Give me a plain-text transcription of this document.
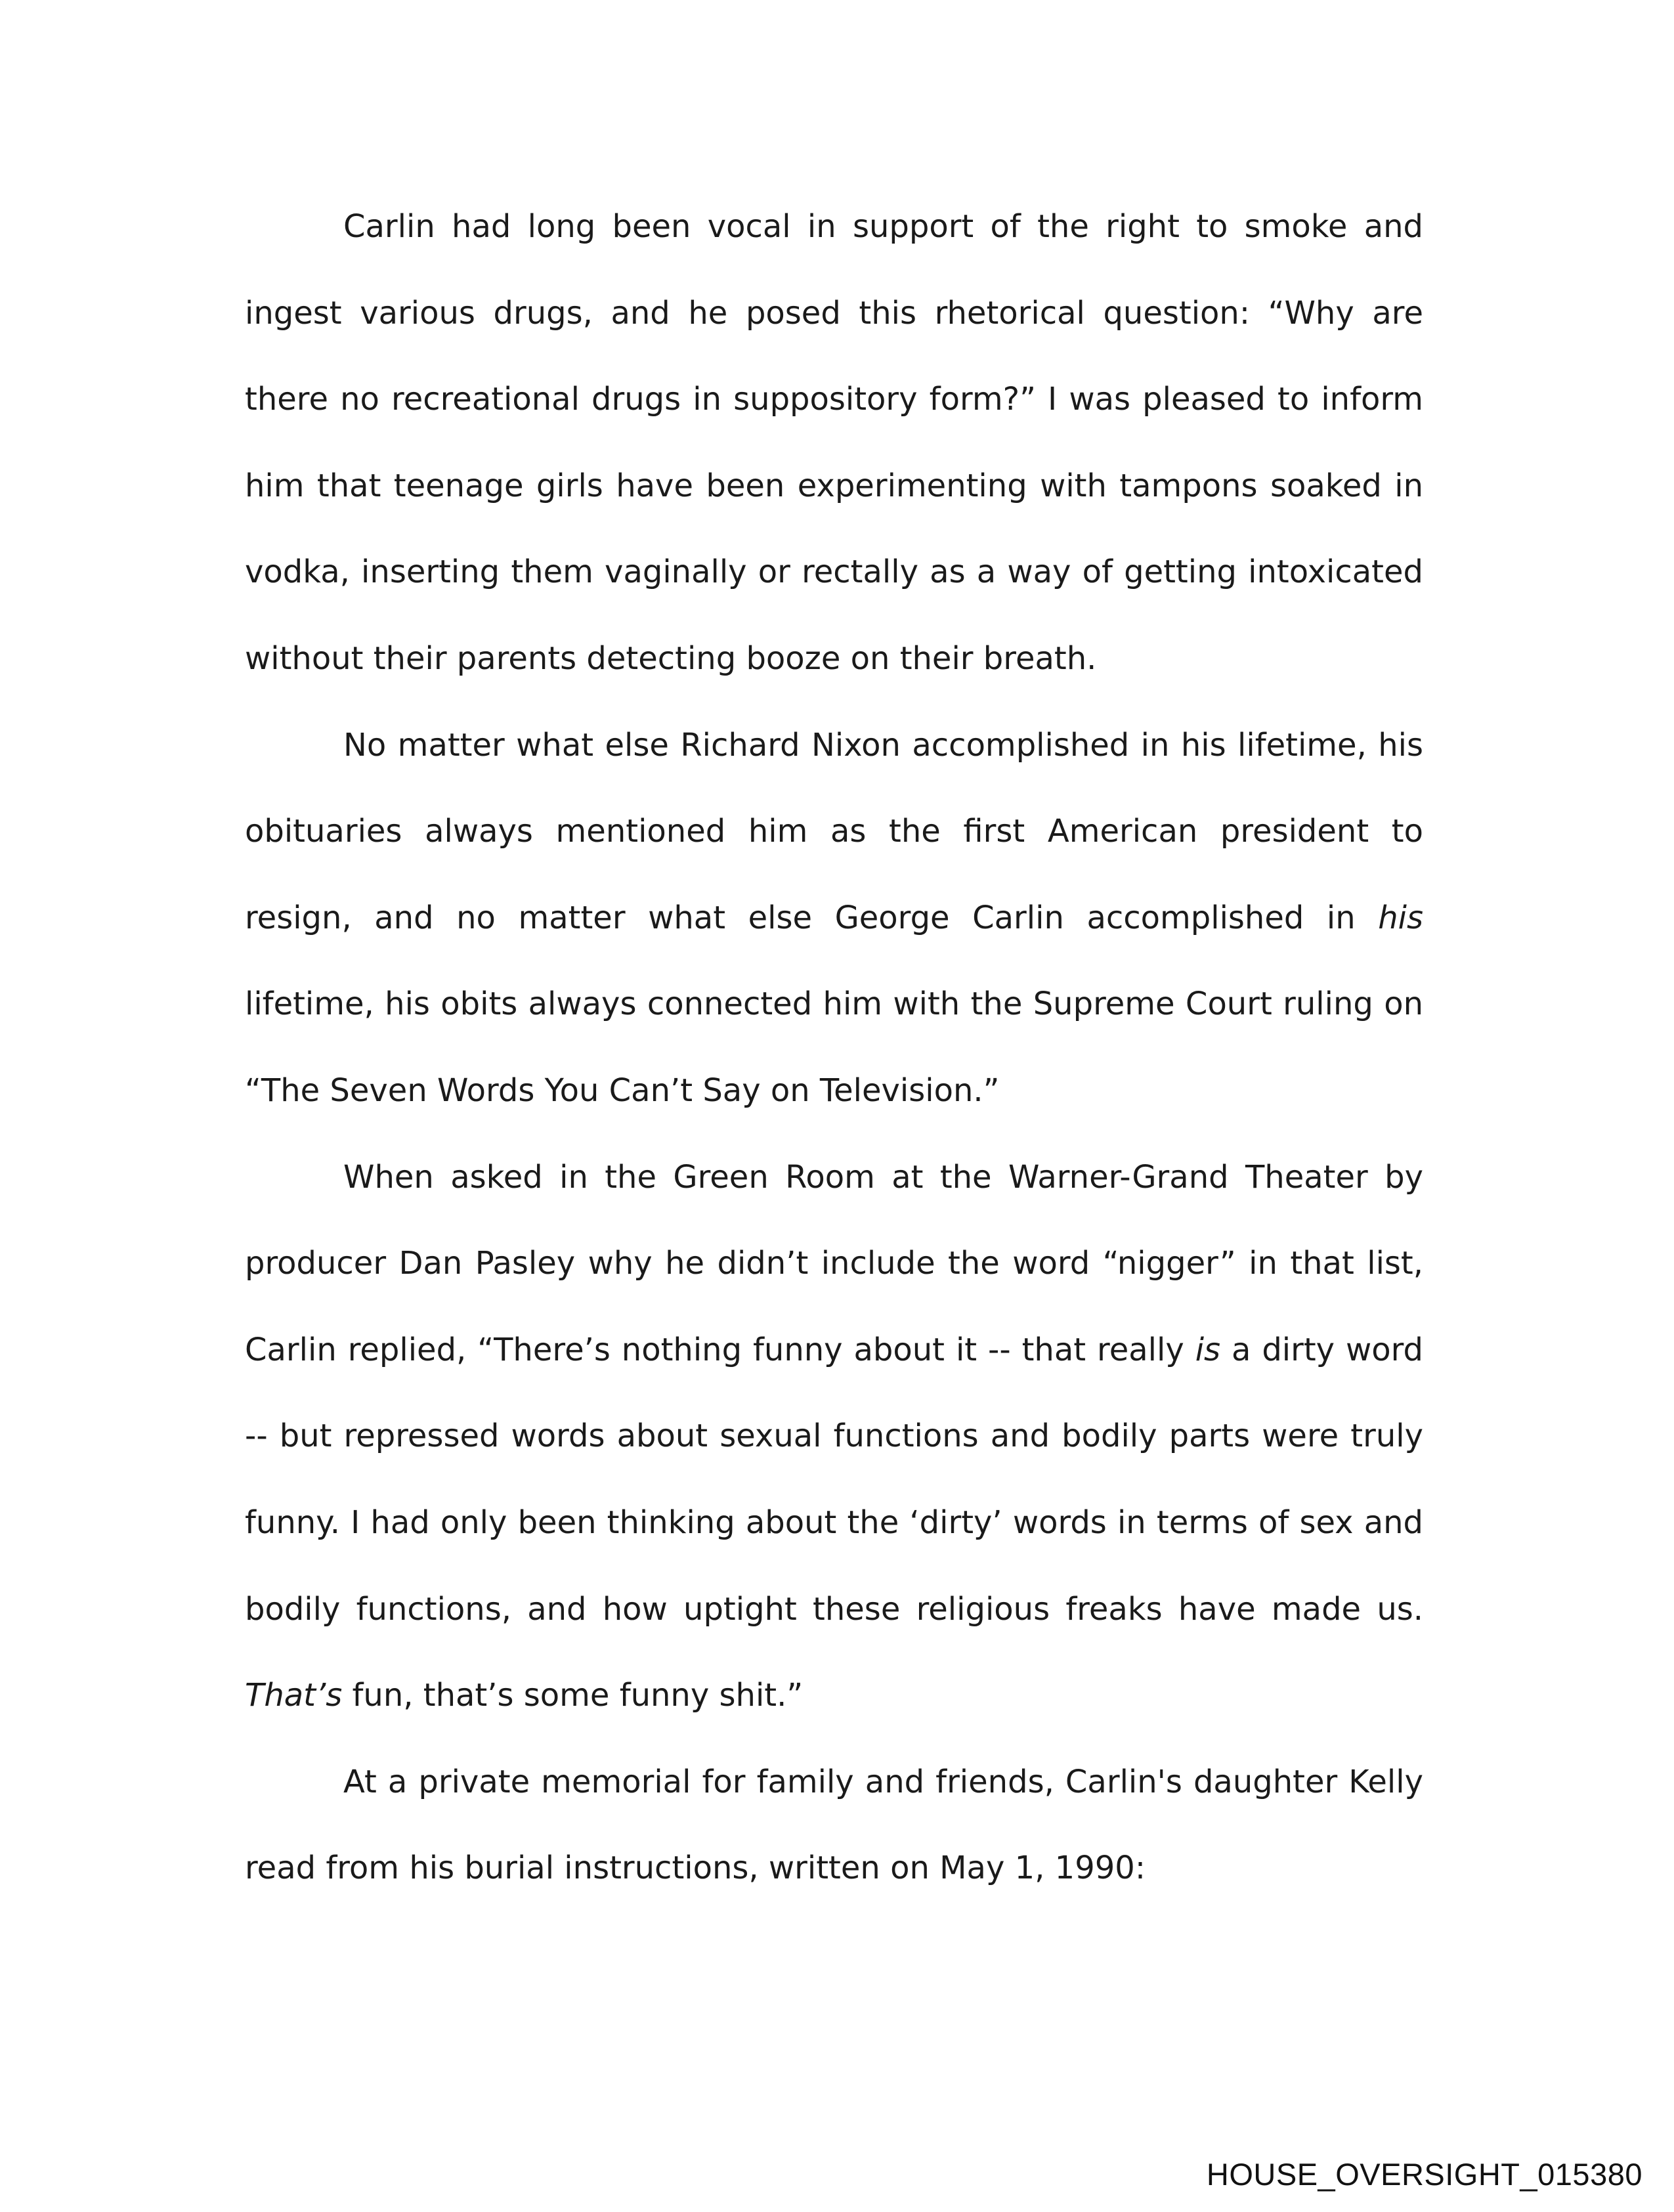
Carlin had long been vocal in support of the right to smoke and ingest various drugs, and he posed this rhetorical question: “Why are there no recreational drugs in suppository form?” I was pleased to inform him that teenage girls have been experimenting with tampons soaked in vodka, inserting them vaginally or rectally as a way of getting intoxicated without their parents detecting booze on their breath.

No matter what else Richard Nixon accomplished in his lifetime, his obituaries always mentioned him as the first American president to resign, and no matter what else George Carlin accomplished in his lifetime, his obits always connected him with the Supreme Court ruling on “The Seven Words You Can’t Say on Television.”

When asked in the Green Room at the Warner-Grand Theater by producer Dan Pasley why he didn’t include the word “nigger” in that list, Carlin replied, “There’s nothing funny about it -- that really is a dirty word -- but repressed words about sexual functions and bodily parts were truly funny. I had only been thinking about the ‘dirty’ words in terms of sex and bodily functions, and how uptight these religious freaks have made us. That’s fun, that’s some funny shit.”

At a private memorial for family and friends, Carlin's daughter Kelly read from his burial instructions, written on May 1, 1990:

HOUSE_OVERSIGHT_015380
